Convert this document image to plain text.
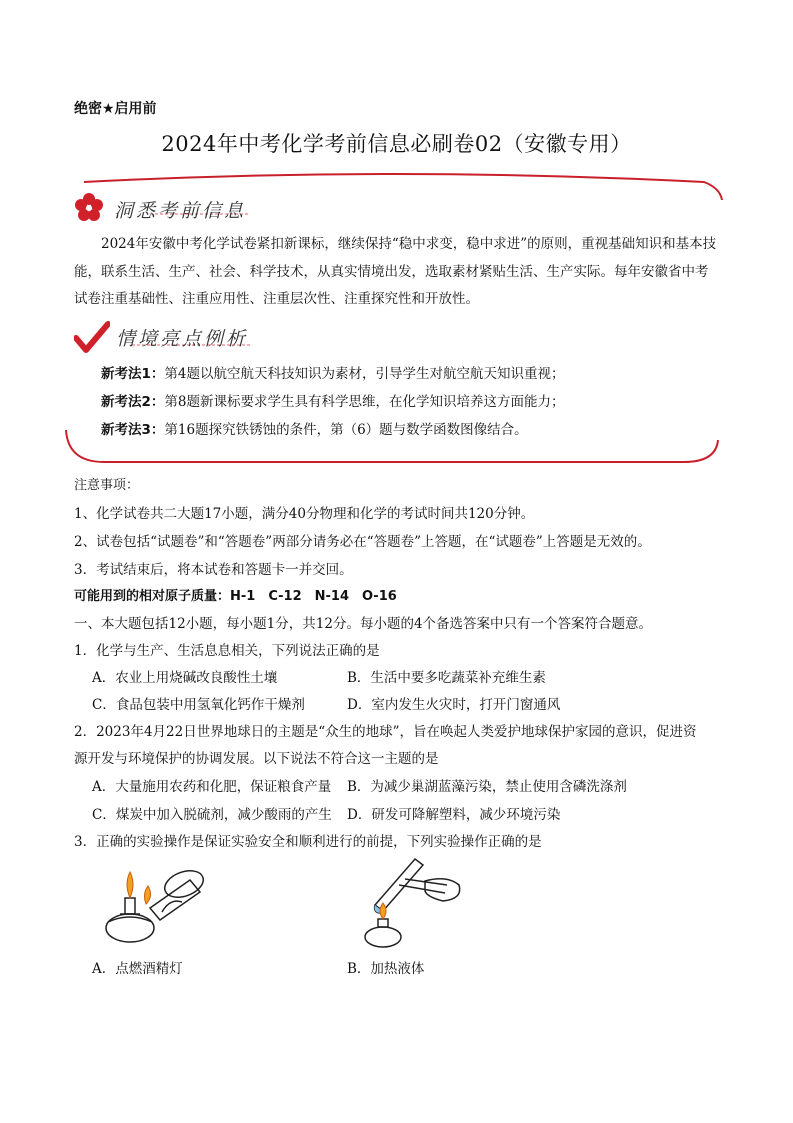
绝密★启用前
2024年中考化学考前信息必刷卷02（安徽专用）
洞悉考前信息
2024年安徽中考化学试卷紧扣新课标，继续保持“稳中求变，稳中求进”的原则，重视基础知识和基本技能，联系生活、生产、社会、科学技术，从真实情境出发，选取素材紧贴生活、生产实际。每年安徽省中考试卷注重基础性、注重应用性、注重层次性、注重探究性和开放性。
情境亮点例析
新考法1：第4题以航空航天科技知识为素材，引导学生对航空航天知识重视；
新考法2：第8题新课标要求学生具有科学思维，在化学知识培养这方面能力；
新考法3：第16题探究铁锈蚀的条件，第（6）题与数学函数图像结合。
注意事项：
1、化学试卷共二大题17小题，满分40分物理和化学的考试时间共120分钟。
2、试卷包括“试题卷”和“答题卷”两部分请务必在“答题卷”上答题，在“试题卷”上答题是无效的。
3．考试结束后，将本试卷和答题卡一并交回。
可能用到的相对原子质量：H-1　C-12　N-14　O-16
一、本大题包括12小题，每小题1分，共12分。每小题的4个备选答案中只有一个答案符合题意。
1．化学与生产、生活息息相关，下列说法正确的是
A．农业上用烧碱改良酸性土壤	B．生活中要多吃蔬菜补充维生素
C．食品包装中用氢氧化钙作干燥剂	D．室内发生火灾时，打开门窗通风
2．2023年4月22日世界地球日的主题是“众生的地球”，旨在唤起人类爱护地球保护家园的意识，促进资
源开发与环境保护的协调发展。以下说法不符合这一主题的是
A．大量施用农药和化肥，保证粮食产量 B．为减少巢湖蓝藻污染，禁止使用含磷洗涤剂
C．煤炭中加入脱硫剂，减少酸雨的产生 D．研发可降解塑料，减少环境污染
3．正确的实验操作是保证实验安全和顺利进行的前提，下列实验操作正确的是
A．点燃酒精灯	B．加热液体
